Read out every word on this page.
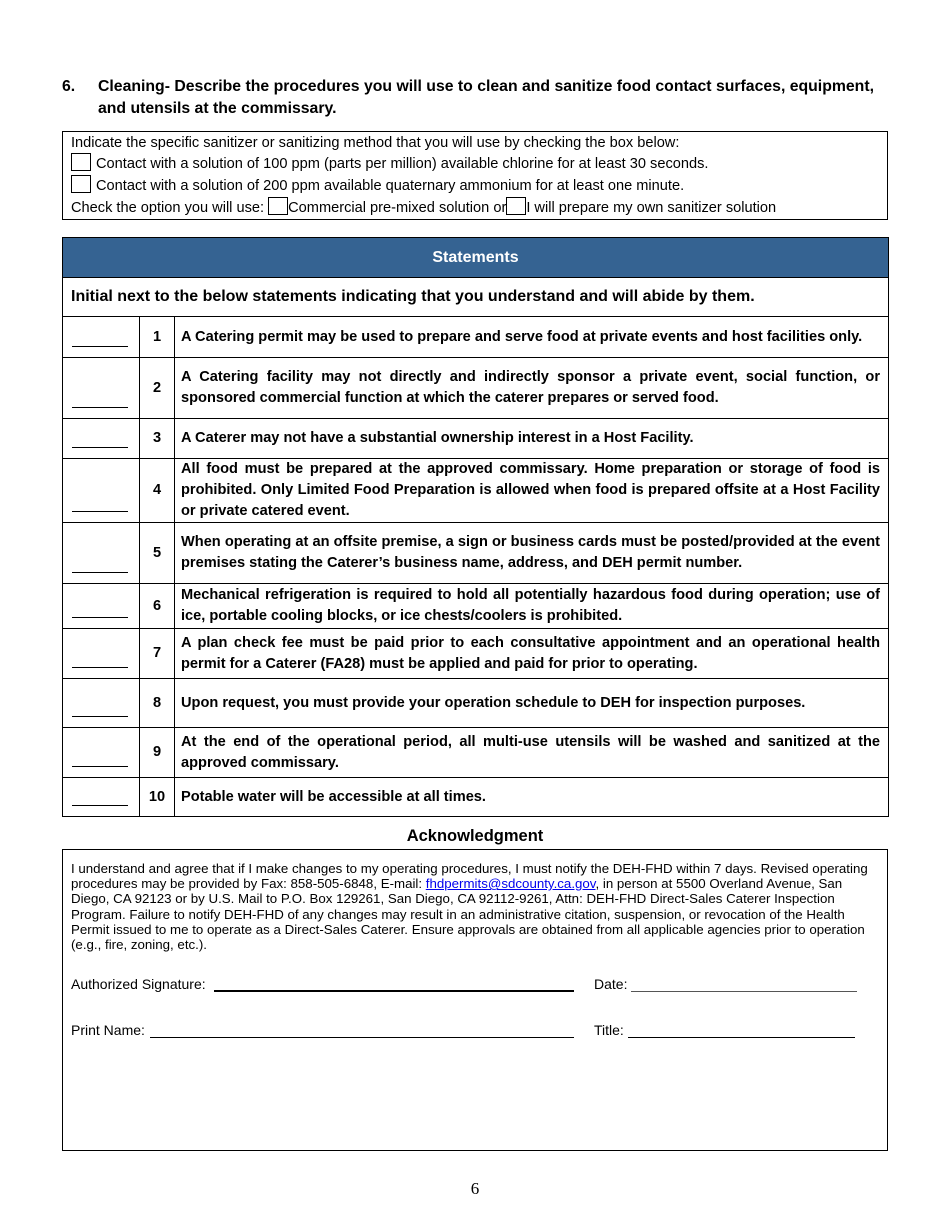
6. Cleaning- Describe the procedures you will use to clean and sanitize food contact surfaces, equipment, and utensils at the commissary.
Indicate the specific sanitizer or sanitizing method that you will use by checking the box below:
Contact with a solution of 100 ppm (parts per million) available chlorine for at least 30 seconds.
Contact with a solution of 200 ppm available quaternary ammonium for at least one minute.
Check the option you will use: Commercial pre-mixed solution or I will prepare my own sanitizer solution
Statements		
Initial next to the below statements indicating that you understand and will abide by them.		

	1	A Catering permit may be used to prepare and serve food at private events and host facilities only.

	2	A Catering facility may not directly and indirectly sponsor a private event, social function, or sponsored commercial function at which the caterer prepares or served food.

	3	A Caterer may not have a substantial ownership interest in a Host Facility.

	4	All food must be prepared at the approved commissary. Home preparation or storage of food is prohibited. Only Limited Food Preparation is allowed when food is prepared offsite at a Host Facility or private catered event.

	5	When operating at an offsite premise, a sign or business cards must be posted/provided at the event premises stating the Caterer’s business name, address, and DEH permit number.

	6	Mechanical refrigeration is required to hold all potentially hazardous food during operation; use of ice, portable cooling blocks, or ice chests/coolers is prohibited.

	7	A plan check fee must be paid prior to each consultative appointment and an operational health permit for a Caterer (FA28) must be applied and paid for prior to operating.

	8	Upon request, you must provide your operation schedule to DEH for inspection purposes.

	9	At the end of the operational period, all multi-use utensils will be washed and sanitized at the approved commissary.

	10	Potable water will be accessible at all times.
Acknowledgment
I understand and agree that if I make changes to my operating procedures, I must notify the DEH-FHD within 7 days. Revised operating procedures may be provided by Fax: 858-505-6848, E-mail: fhdpermits@sdcounty.ca.gov, in person at 5500 Overland Avenue, San Diego, CA 92123 or by U.S. Mail to P.O. Box 129261, San Diego, CA 92112-9261, Attn: DEH-FHD Direct-Sales Caterer Inspection Program. Failure to notify DEH-FHD of any changes may result in an administrative citation, suspension, or revocation of the Health Permit issued to me to operate as a Direct-Sales Caterer. Ensure approvals are obtained from all applicable agencies prior to operation (e.g., fire, zoning, etc.).
Authorized Signature:	Date:
Print Name:	Title:
6
